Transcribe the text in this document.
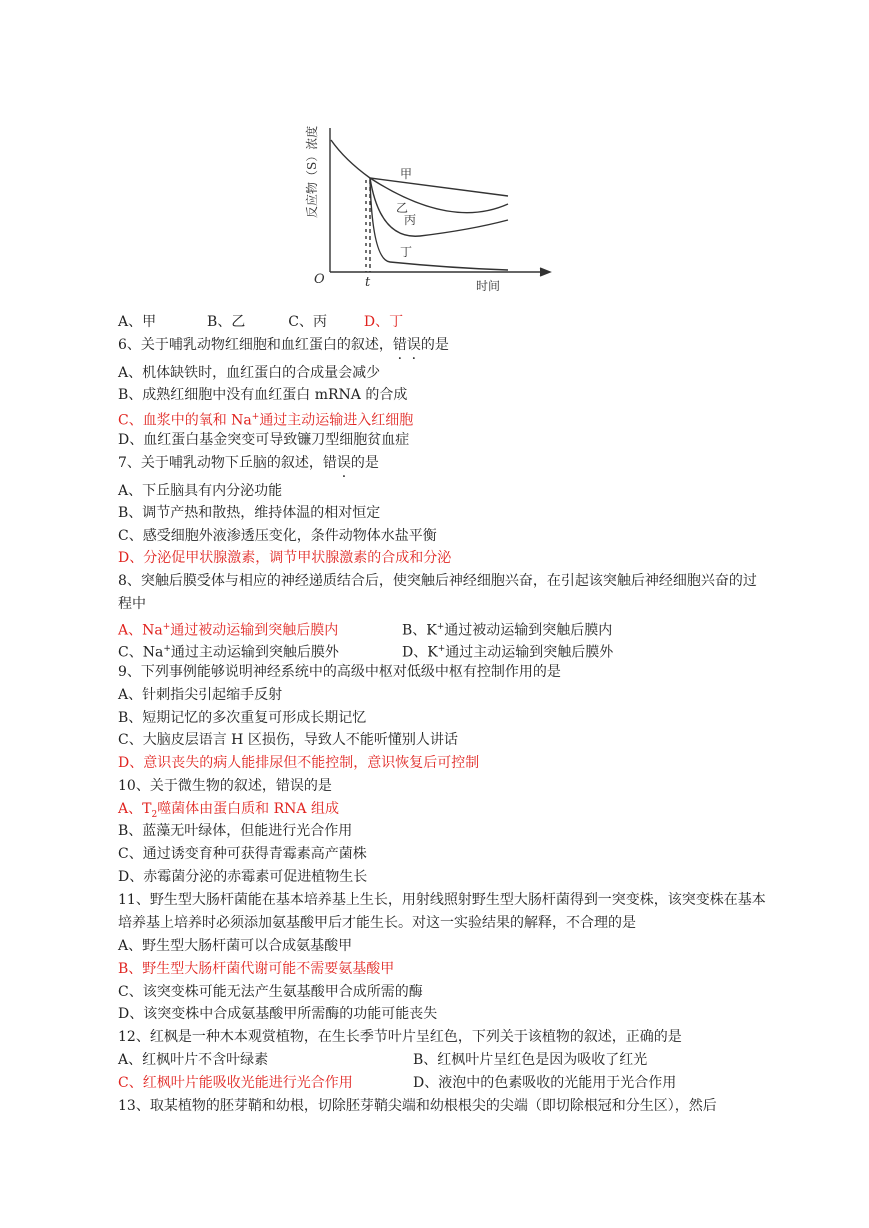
反应物（S）浓度
O	t	时间
甲
乙
丙
丁
A、甲	B、乙	C、丙	D、丁
6、关于哺乳动物红细胞和血红蛋白的叙述，错误的是
A、机体缺铁时，血红蛋白的合成量会减少
B、成熟红细胞中没有血红蛋白 mRNA 的合成
C、血浆中的氧和 Na+通过主动运输进入红细胞
D、血红蛋白基金突变可导致镰刀型细胞贫血症
7、关于哺乳动物下丘脑的叙述，错误的是
A、下丘脑具有内分泌功能
B、调节产热和散热，维持体温的相对恒定
C、感受细胞外液渗透压变化，条件动物体水盐平衡
D、分泌促甲状腺激素，调节甲状腺激素的合成和分泌
8、突触后膜受体与相应的神经递质结合后，使突触后神经细胞兴奋，在引起该突触后神经细胞兴奋的过程中
A、Na+通过被动运输到突触后膜内	B、K+通过被动运输到突触后膜内
C、Na+通过主动运输到突触后膜外	D、K+通过主动运输到突触后膜外
9、下列事例能够说明神经系统中的高级中枢对低级中枢有控制作用的是
A、针刺指尖引起缩手反射
B、短期记忆的多次重复可形成长期记忆
C、大脑皮层语言 H 区损伤，导致人不能听懂别人讲话
D、意识丧失的病人能排尿但不能控制，意识恢复后可控制
10、关于微生物的叙述，错误的是
A、$T_2$噬菌体由蛋白质和 RNA 组成
B、蓝藻无叶绿体，但能进行光合作用
C、通过诱变育种可获得青霉素高产菌株
D、赤霉菌分泌的赤霉素可促进植物生长
11、野生型大肠杆菌能在基本培养基上生长，用射线照射野生型大肠杆菌得到一突变株，该突变株在基本培养基上培养时必须添加氨基酸甲后才能生长。对这一实验结果的解释，不合理的是
A、野生型大肠杆菌可以合成氨基酸甲
B、野生型大肠杆菌代谢可能不需要氨基酸甲
C、该突变株可能无法产生氨基酸甲合成所需的酶
D、该突变株中合成氨基酸甲所需酶的功能可能丧失
12、红枫是一种木本观赏植物，在生长季节叶片呈红色，下列关于该植物的叙述，正确的是
A、红枫叶片不含叶绿素	B、红枫叶片呈红色是因为吸收了红光
C、红枫叶片能吸收光能进行光合作用	D、液泡中的色素吸收的光能用于光合作用
13、取某植物的胚芽鞘和幼根，切除胚芽鞘尖端和幼根根尖的尖端（即切除根冠和分生区），然后
